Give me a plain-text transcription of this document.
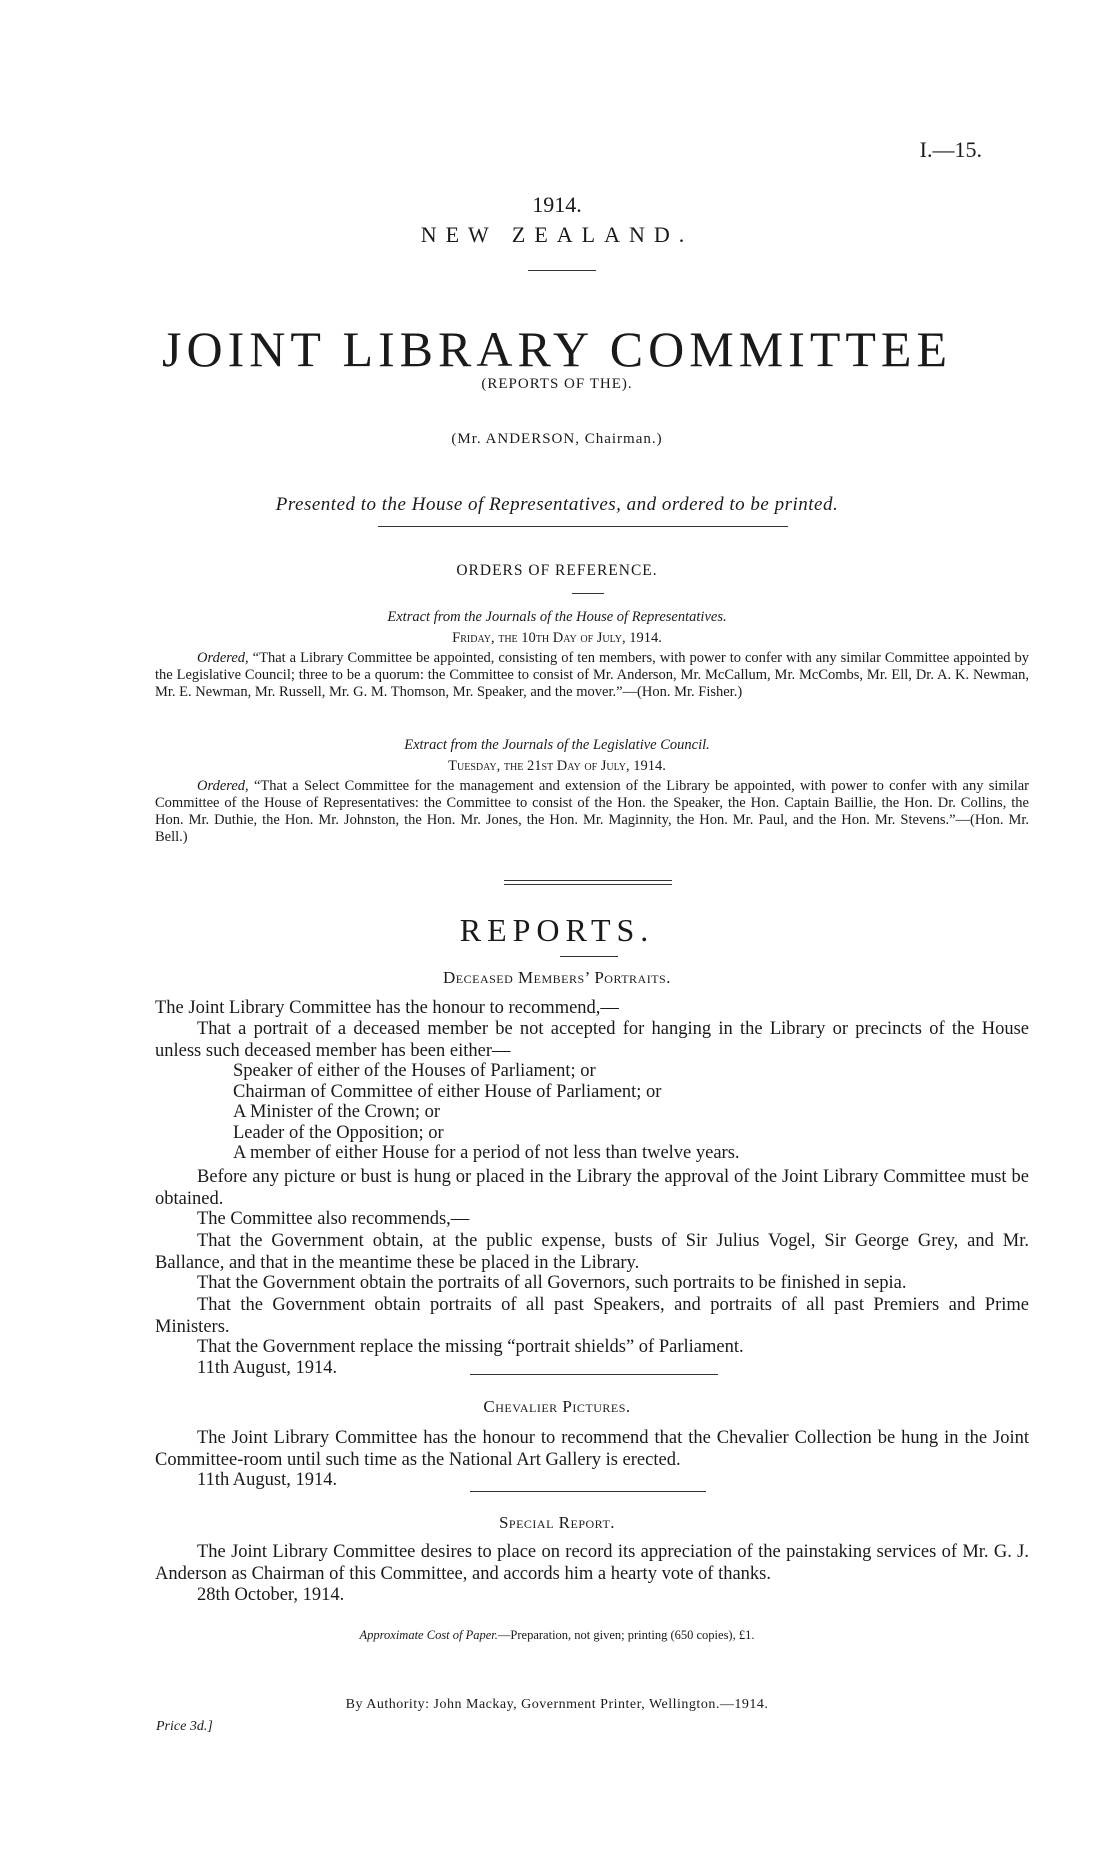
I.—15.
1914.
NEW ZEALAND.
JOINT LIBRARY COMMITTEE
(REPORTS OF THE).
(Mr. ANDERSON, Chairman.)
Presented to the House of Representatives, and ordered to be printed.
ORDERS OF REFERENCE.
Extract from the Journals of the House of Representatives.
Friday, the 10th Day of July, 1914.
Ordered, “That a Library Committee be appointed, consisting of ten members, with power to confer with any similar Committee appointed by the Legislative Council; three to be a quorum: the Committee to consist of Mr. Anderson, Mr. McCallum, Mr. McCombs, Mr. Ell, Dr. A. K. Newman, Mr. E. Newman, Mr. Russell, Mr. G. M. Thomson, Mr. Speaker, and the mover.”—(Hon. Mr. Fisher.)
Extract from the Journals of the Legislative Council.
Tuesday, the 21st Day of July, 1914.
Ordered, “That a Select Committee for the management and extension of the Library be appointed, with power to confer with any similar Committee of the House of Representatives: the Committee to consist of the Hon. the Speaker, the Hon. Captain Baillie, the Hon. Dr. Collins, the Hon. Mr. Duthie, the Hon. Mr. Johnston, the Hon. Mr. Jones, the Hon. Mr. Maginnity, the Hon. Mr. Paul, and the Hon. Mr. Stevens.”—(Hon. Mr. Bell.)
REPORTS.
Deceased Members’ Portraits.
The Joint Library Committee has the honour to recommend,—
That a portrait of a deceased member be not accepted for hanging in the Library or precincts of the House unless such deceased member has been either—
Speaker of either of the Houses of Parliament; or
Chairman of Committee of either House of Parliament; or
A Minister of the Crown; or
Leader of the Opposition; or
A member of either House for a period of not less than twelve years.
Before any picture or bust is hung or placed in the Library the approval of the Joint Library Committee must be obtained.
The Committee also recommends,—
That the Government obtain, at the public expense, busts of Sir Julius Vogel, Sir George Grey, and Mr. Ballance, and that in the meantime these be placed in the Library.
That the Government obtain the portraits of all Governors, such portraits to be finished in sepia.
That the Government obtain portraits of all past Speakers, and portraits of all past Premiers and Prime Ministers.
That the Government replace the missing “portrait shields” of Parliament.
11th August, 1914.
Chevalier Pictures.
The Joint Library Committee has the honour to recommend that the Chevalier Collection be hung in the Joint Committee-room until such time as the National Art Gallery is erected.
11th August, 1914.
Special Report.
The Joint Library Committee desires to place on record its appreciation of the painstaking services of Mr. G. J. Anderson as Chairman of this Committee, and accords him a hearty vote of thanks.
28th October, 1914.
Approximate Cost of Paper.—Preparation, not given; printing (650 copies), £1.
By Authority: John Mackay, Government Printer, Wellington.—1914.
Price 3d.]
